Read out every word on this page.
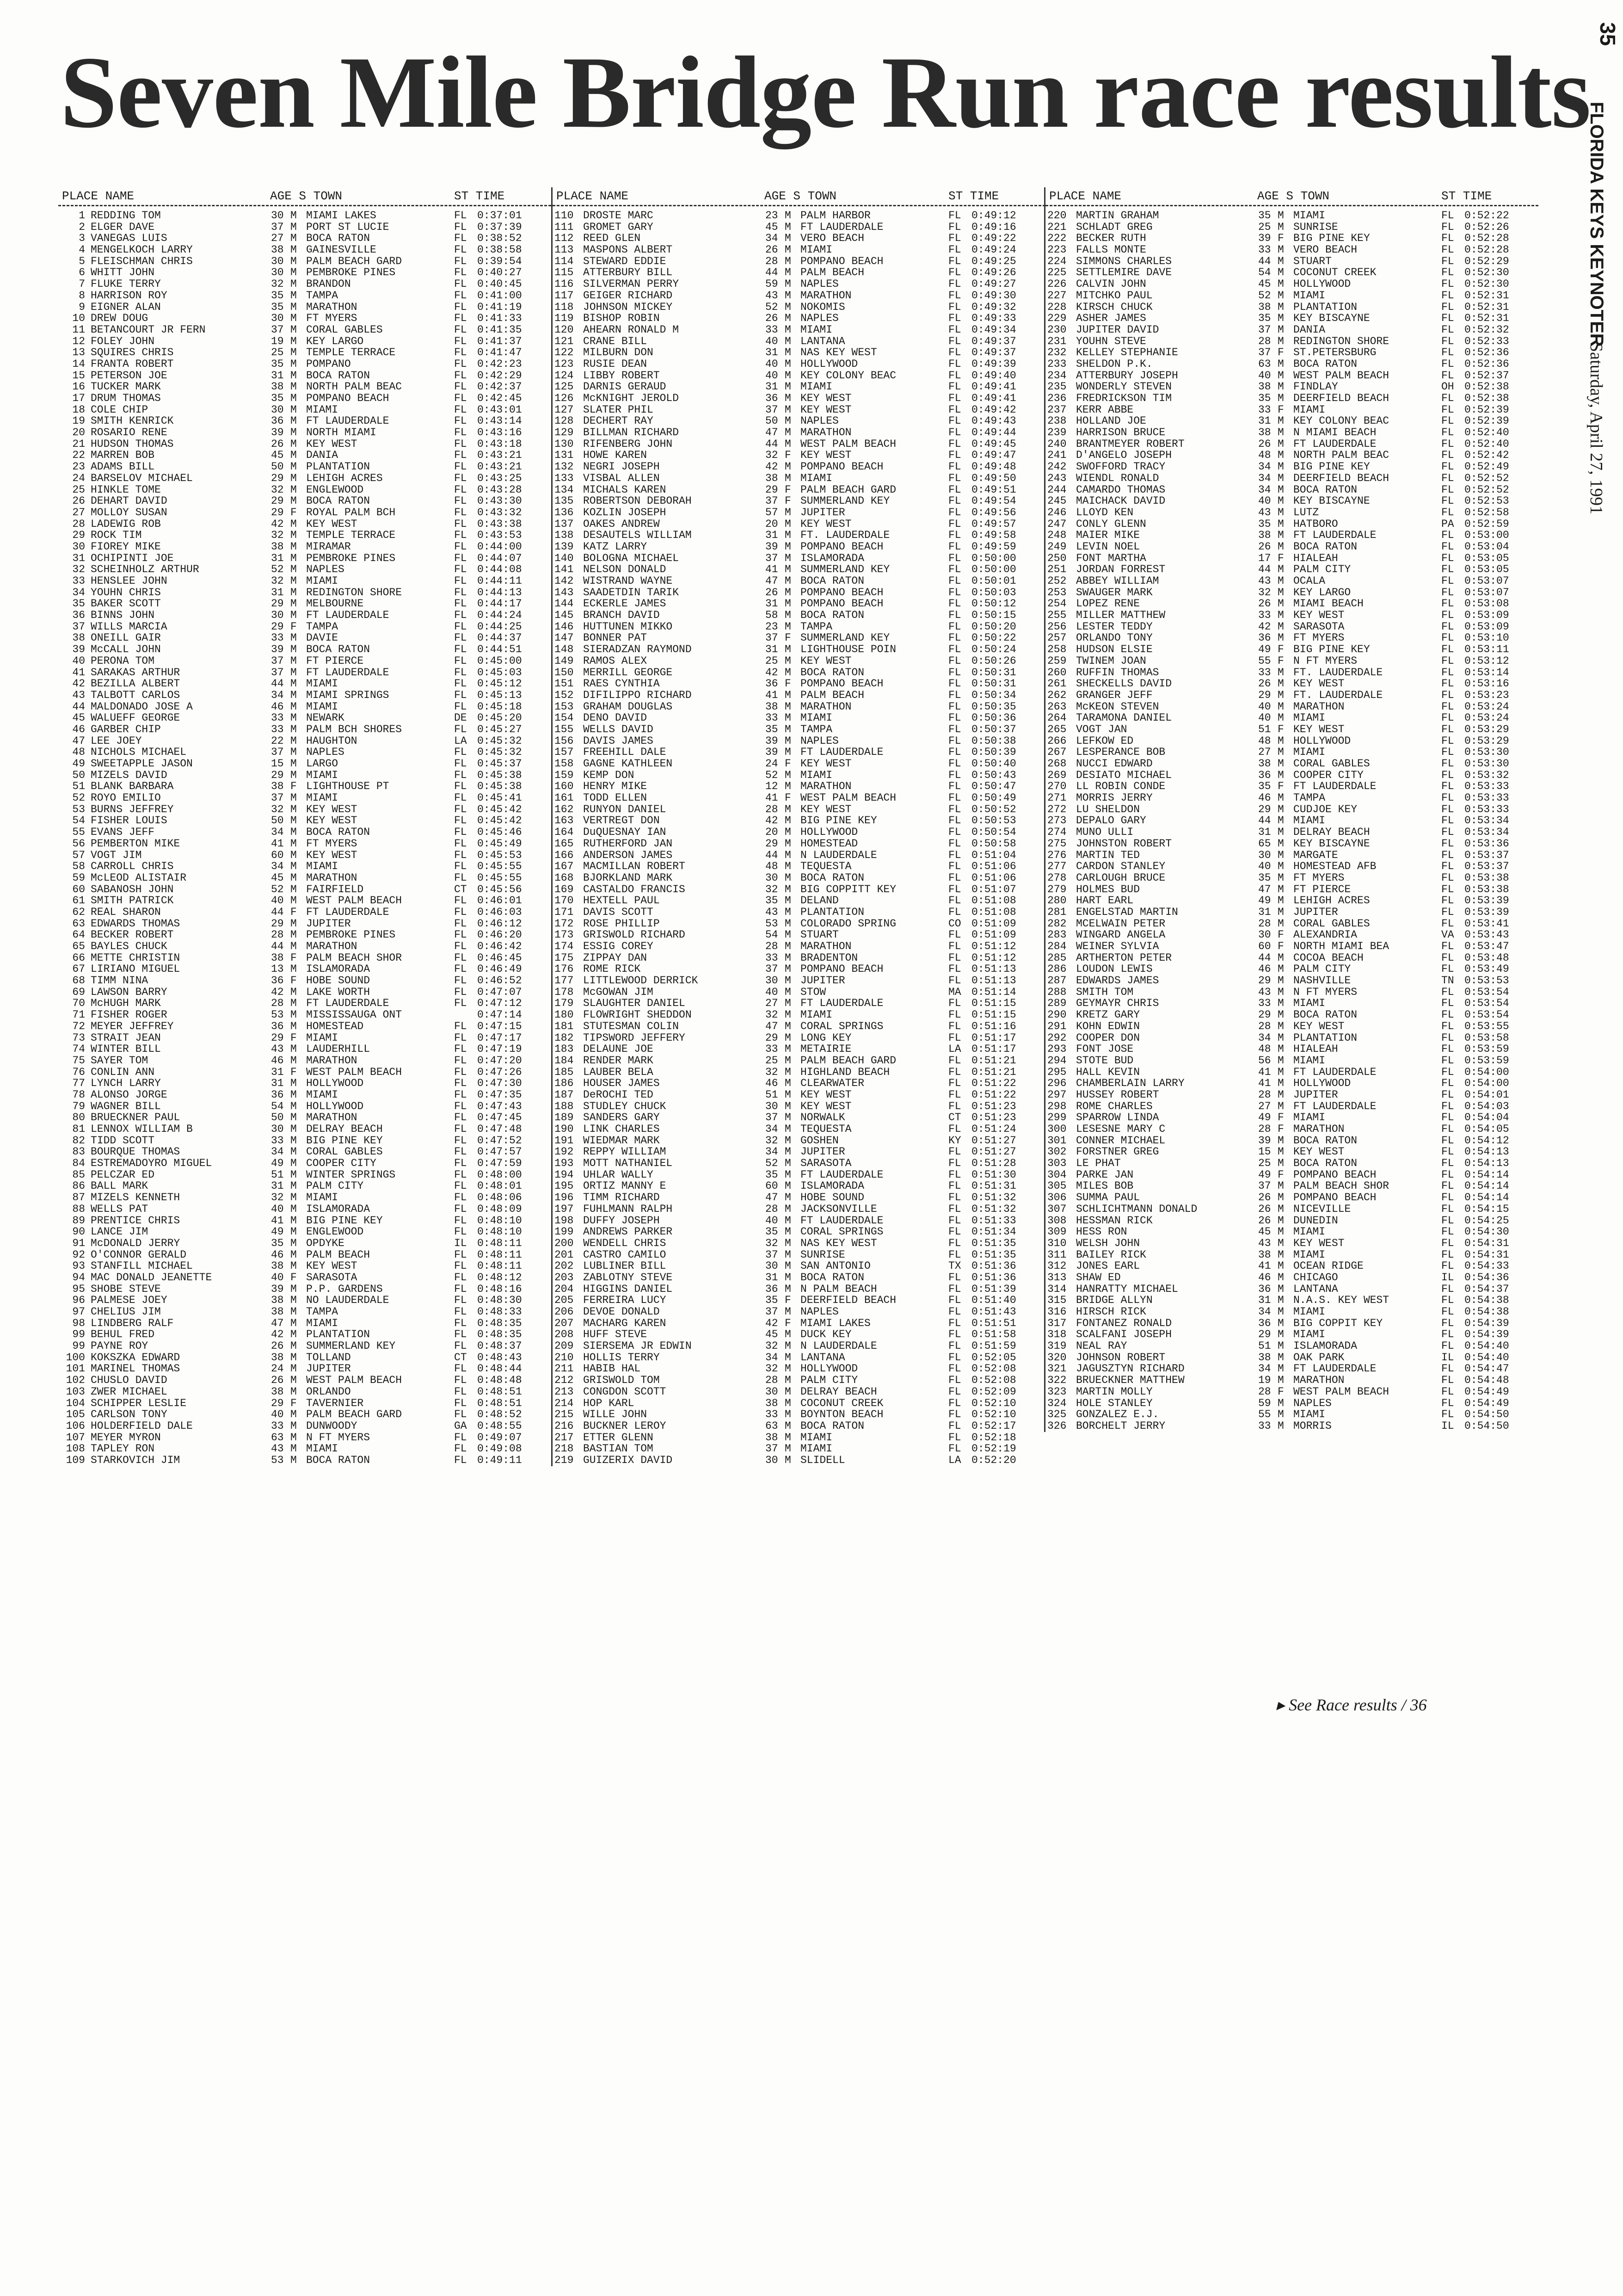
Seven Mile Bridge Run race results
35
FLORIDA KEYS KEYNOTER
Saturday, April 27, 1991

PLACE NAME

	AGE S TOWN

	ST TIME

1 REDDING TOM	30 M MIAMI LAKES	FL 0:37:01
2 ELGER DAVE	37 M PORT ST LUCIE	FL 0:37:39
3 VANEGAS LUIS	27 M BOCA RATON	FL 0:38:52
4 MENGELKOCH LARRY	38 M GAINESVILLE	FL 0:38:58
5 FLEISCHMAN CHRIS	30 M PALM BEACH GARD	FL 0:39:54
6 WHITT JOHN	30 M PEMBROKE PINES	FL 0:40:27
7 FLUKE TERRY	32 M BRANDON	FL 0:40:45
8 HARRISON ROY	35 M TAMPA	FL 0:41:00
9 EIGNER ALAN	35 M MARATHON	FL 0:41:19
10 DREW DOUG	30 M FT MYERS	FL 0:41:33
11 BETANCOURT JR FERN	37 M CORAL GABLES	FL 0:41:35
12 FOLEY JOHN	19 M KEY LARGO	FL 0:41:37
13 SQUIRES CHRIS	25 M TEMPLE TERRACE	FL 0:41:47
14 FRANTA ROBERT	35 M POMPANO	FL 0:42:23
15 PETERSON JOE	31 M BOCA RATON	FL 0:42:29
16 TUCKER MARK	38 M NORTH PALM BEAC	FL 0:42:37
17 DRUM THOMAS	35 M POMPANO BEACH	FL 0:42:45
18 COLE CHIP	30 M MIAMI	FL 0:43:01
19 SMITH KENRICK	36 M FT LAUDERDALE	FL 0:43:14
20 ROSARIO RENE	39 M NORTH MIAMI	FL 0:43:16
21 HUDSON THOMAS	26 M KEY WEST	FL 0:43:18
22 MARREN BOB	45 M DANIA	FL 0:43:21
23 ADAMS BILL	50 M PLANTATION	FL 0:43:21
24 BARSELOV MICHAEL	29 M LEHIGH ACRES	FL 0:43:25
25 HINKLE TOME	32 M ENGLEWOOD	FL 0:43:28
26 DEHART DAVID	29 M BOCA RATON	FL 0:43:30
27 MOLLOY SUSAN	29 F ROYAL PALM BCH	FL 0:43:32
28 LADEWIG ROB	42 M KEY WEST	FL 0:43:38
29 ROCK TIM	32 M TEMPLE TERRACE	FL 0:43:53
30 FIOREY MIKE	38 M MIRAMAR	FL 0:44:00
31 OCHIPINTI JOE	31 M PEMBROKE PINES	FL 0:44:07
32 SCHEINHOLZ ARTHUR	52 M NAPLES	FL 0:44:08
33 HENSLEE JOHN	32 M MIAMI	FL 0:44:11
34 YOUHN CHRIS	31 M REDINGTON SHORE	FL 0:44:13
35 BAKER SCOTT	29 M MELBOURNE	FL 0:44:17
36 BINNS JOHN	30 M FT LAUDERDALE	FL 0:44:24
37 WILLS MARCIA	29 F TAMPA	FL 0:44:25
38 ONEILL GAIR	33 M DAVIE	FL 0:44:37
39 McCALL JOHN	39 M BOCA RATON	FL 0:44:51
40 PERONA TOM	37 M FT PIERCE	FL 0:45:00
41 SARAKAS ARTHUR	37 M FT LAUDERDALE	FL 0:45:03
42 BEZILLA ALBERT	44 M MIAMI	FL 0:45:12
43 TALBOTT CARLOS	34 M MIAMI SPRINGS	FL 0:45:13
44 MALDONADO JOSE A	46 M MIAMI	FL 0:45:18
45 WALUEFF GEORGE	33 M NEWARK	DE 0:45:20
46 GARBER CHIP	33 M PALM BCH SHORES	FL 0:45:27
47 LEE JOEY	22 M HAUGHTON	LA 0:45:32
48 NICHOLS MICHAEL	37 M NAPLES	FL 0:45:32
49 SWEETAPPLE JASON	15 M LARGO	FL 0:45:37
50 MIZELS DAVID	29 M MIAMI	FL 0:45:38
51 BLANK BARBARA	38 F LIGHTHOUSE PT	FL 0:45:38
52 ROYO EMILIO	37 M MIAMI	FL 0:45:41
53 BURNS JEFFREY	32 M KEY WEST	FL 0:45:42
54 FISHER LOUIS	50 M KEY WEST	FL 0:45:42
55 EVANS JEFF	34 M BOCA RATON	FL 0:45:46
56 PEMBERTON MIKE	41 M FT MYERS	FL 0:45:49
57 VOGT JIM	60 M KEY WEST	FL 0:45:53
58 CARROLL CHRIS	34 M MIAMI	FL 0:45:55
59 McLEOD ALISTAIR	45 M MARATHON	FL 0:45:55
60 SABANOSH JOHN	52 M FAIRFIELD	CT 0:45:56
61 SMITH PATRICK	40 M WEST PALM BEACH	FL 0:46:01
62 REAL SHARON	44 F FT LAUDERDALE	FL 0:46:03
63 EDWARDS THOMAS	29 M JUPITER	FL 0:46:12
64 BECKER ROBERT	28 M PEMBROKE PINES	FL 0:46:20
65 BAYLES CHUCK	44 M MARATHON	FL 0:46:42
66 METTE CHRISTIN	38 F PALM BEACH SHOR	FL 0:46:45
67 LIRIANO MIGUEL	13 M ISLAMORADA	FL 0:46:49
68 TIMM NINA	36 F HOBE SOUND	FL 0:46:52
69 LAWSON BARRY	42 M LAKE WORTH	FL 0:47:07
70 McHUGH MARK	28 M FT LAUDERDALE	FL 0:47:12
71 FISHER ROGER	53 M MISSISSAUGA ONT	0:47:14
72 MEYER JEFFREY	36 M HOMESTEAD	FL 0:47:15
73 STRAIT JEAN	29 F MIAMI	FL 0:47:17
74 WINTER BILL	43 M LAUDERHILL	FL 0:47:19
75 SAYER TOM	46 M MARATHON	FL 0:47:20
76 CONLIN ANN	31 F WEST PALM BEACH	FL 0:47:26
77 LYNCH LARRY	31 M HOLLYWOOD	FL 0:47:30
78 ALONSO JORGE	36 M MIAMI	FL 0:47:35
79 WAGNER BILL	54 M HOLLYWOOD	FL 0:47:43
80 BRUECKNER PAUL	50 M MARATHON	FL 0:47:45
81 LENNOX WILLIAM B	30 M DELRAY BEACH	FL 0:47:48
82 TIDD SCOTT	33 M BIG PINE KEY	FL 0:47:52
83 BOURQUE THOMAS	34 M CORAL GABLES	FL 0:47:57
84 ESTREMADOYRO MIGUEL	49 M COOPER CITY	FL 0:47:59
85 PELCZAR ED	51 M WINTER SPRINGS	FL 0:48:00
86 BALL MARK	31 M PALM CITY	FL 0:48:01
87 MIZELS KENNETH	32 M MIAMI	FL 0:48:06
88 WELLS PAT	40 M ISLAMORADA	FL 0:48:09
89 PRENTICE CHRIS	41 M BIG PINE KEY	FL 0:48:10
90 LANCE JIM	49 M ENGLEWOOD	FL 0:48:10
91 McDONALD JERRY	35 M OPDYKE	IL 0:48:11
92 O'CONNOR GERALD	46 M PALM BEACH	FL 0:48:11
93 STANFILL MICHAEL	38 M KEY WEST	FL 0:48:11
94 MAC DONALD JEANETTE	40 F SARASOTA	FL 0:48:12
95 SHOBE STEVE	39 M P.P. GARDENS	FL 0:48:16
96 PALMESE JOEY	38 M NO LAUDERDALE	FL 0:48:30
97 CHELIUS JIM	38 M TAMPA	FL 0:48:33
98 LINDBERG RALF	47 M MIAMI	FL 0:48:35
99 BEHUL FRED	42 M PLANTATION	FL 0:48:35
99 PAYNE ROY	26 M SUMMERLAND KEY	FL 0:48:37
100 KOKSZKA EDWARD	38 M TOLLAND	CT 0:48:43
101 MARINEL THOMAS	24 M JUPITER	FL 0:48:44
102 CHUSLO DAVID	26 M WEST PALM BEACH	FL 0:48:48
103 ZWER MICHAEL	38 M ORLANDO	FL 0:48:51
104 SCHIPPER LESLIE	29 F TAVERNIER	FL 0:48:51
105 CARLSON TONY	40 M PALM BEACH GARD	FL 0:48:52
106 HOLDERFIELD DALE	33 M DUNWOODY	GA 0:48:55
107 MEYER MYRON	63 M N FT MYERS	FL 0:49:07
108 TAPLEY RON	43 M MIAMI	FL 0:49:08
109 STARKOVICH JIM	53 M BOCA RATON	FL 0:49:11

PLACE NAME

	AGE S TOWN

	ST TIME

110 DROSTE MARC	23 M PALM HARBOR	FL 0:49:12
111 GROMET GARY	45 M FT LAUDERDALE	FL 0:49:16
112 REED GLEN	34 M VERO BEACH	FL 0:49:22
113 MASPONS ALBERT	26 M MIAMI	FL 0:49:24
114 STEWARD EDDIE	28 M POMPANO BEACH	FL 0:49:25
115 ATTERBURY BILL	44 M PALM BEACH	FL 0:49:26
116 SILVERMAN PERRY	59 M NAPLES	FL 0:49:27
117 GEIGER RICHARD	43 M MARATHON	FL 0:49:30
118 JOHNSON MICKEY	52 M NOKOMIS	FL 0:49:32
119 BISHOP ROBIN	26 M NAPLES	FL 0:49:33
120 AHEARN RONALD M	33 M MIAMI	FL 0:49:34
121 CRANE BILL	40 M LANTANA	FL 0:49:37
122 MILBURN DON	31 M NAS KEY WEST	FL 0:49:37
123 RUSIE DEAN	40 M HOLLYWOOD	FL 0:49:39
124 LIBBY ROBERT	40 M KEY COLONY BEAC	FL 0:49:40
125 DARNIS GERAUD	31 M MIAMI	FL 0:49:41
126 McKNIGHT JEROLD	36 M KEY WEST	FL 0:49:41
127 SLATER PHIL	37 M KEY WEST	FL 0:49:42
128 DECHERT RAY	50 M NAPLES	FL 0:49:43
129 BILLMAN RICHARD	47 M MARATHON	FL 0:49:44
130 RIFENBERG JOHN	44 M WEST PALM BEACH	FL 0:49:45
131 HOWE KAREN	32 F KEY WEST	FL 0:49:47
132 NEGRI JOSEPH	42 M POMPANO BEACH	FL 0:49:48
133 VISBAL ALLEN	38 M MIAMI	FL 0:49:50
134 MICHALS KAREN	29 F PALM BEACH GARD	FL 0:49:51
135 ROBERTSON DEBORAH	37 F SUMMERLAND KEY	FL 0:49:54
136 KOZLIN JOSEPH	57 M JUPITER	FL 0:49:56
137 OAKES ANDREW	20 M KEY WEST	FL 0:49:57
138 DESAUTELS WILLIAM	31 M FT. LAUDERDALE	FL 0:49:58
139 KATZ LARRY	39 M POMPANO BEACH	FL 0:49:59
140 BOLOGNA MICHAEL	37 M ISLAMORADA	FL 0:50:00
141 NELSON DONALD	41 M SUMMERLAND KEY	FL 0:50:00
142 WISTRAND WAYNE	47 M BOCA RATON	FL 0:50:01
143 SAADETDIN TARIK	26 M POMPANO BEACH	FL 0:50:03
144 ECKERLE JAMES	31 M POMPANO BEACH	FL 0:50:12
145 BRANCH DAVID	58 M BOCA RATON	FL 0:50:15
146 HUTTUNEN MIKKO	23 M TAMPA	FL 0:50:20
147 BONNER PAT	37 F SUMMERLAND KEY	FL 0:50:22
148 SIERADZAN RAYMOND	31 M LIGHTHOUSE POIN	FL 0:50:24
149 RAMOS ALEX	25 M KEY WEST	FL 0:50:26
150 MERRILL GEORGE	42 M BOCA RATON	FL 0:50:31
151 RAES CYNTHIA	36 F POMPANO BEACH	FL 0:50:31
152 DIFILIPPO RICHARD	41 M PALM BEACH	FL 0:50:34
153 GRAHAM DOUGLAS	38 M MARATHON	FL 0:50:35
154 DENO DAVID	33 M MIAMI	FL 0:50:36
155 WELLS DAVID	35 M TAMPA	FL 0:50:37
156 DAVIS JAMES	39 M NAPLES	FL 0:50:38
157 FREEHILL DALE	39 M FT LAUDERDALE	FL 0:50:39
158 GAGNE KATHLEEN	24 F KEY WEST	FL 0:50:40
159 KEMP DON	52 M MIAMI	FL 0:50:43
160 HENRY MIKE	12 M MARATHON	FL 0:50:47
161 TODD ELLEN	41 F WEST PALM BEACH	FL 0:50:49
162 RUNYON DANIEL	28 M KEY WEST	FL 0:50:52
163 VERTREGT DON	42 M BIG PINE KEY	FL 0:50:53
164 DuQUESNAY IAN	20 M HOLLYWOOD	FL 0:50:54
165 RUTHERFORD JAN	29 M HOMESTEAD	FL 0:50:58
166 ANDERSON JAMES	44 M N LAUDERDALE	FL 0:51:04
167 MACMILLAN ROBERT	48 M TEQUESTA	FL 0:51:06
168 BJORKLAND MARK	30 M BOCA RATON	FL 0:51:06
169 CASTALDO FRANCIS	32 M BIG COPPITT KEY	FL 0:51:07
170 HEXTELL PAUL	35 M DELAND	FL 0:51:08
171 DAVIS SCOTT	43 M PLANTATION	FL 0:51:08
172 ROSE PHILLIP	53 M COLORADO SPRING	CO 0:51:09
173 GRISWOLD RICHARD	54 M STUART	FL 0:51:09
174 ESSIG COREY	28 M MARATHON	FL 0:51:12
175 ZIPPAY DAN	33 M BRADENTON	FL 0:51:12
176 ROME RICK	37 M POMPANO BEACH	FL 0:51:13
177 LITTLEWOOD DERRICK	30 M JUPITER	FL 0:51:13
178 McGOWAN JIM	40 M STOW	MA 0:51:14
179 SLAUGHTER DANIEL	27 M FT LAUDERDALE	FL 0:51:15
180 FLOWRIGHT SHEDDON	32 M MIAMI	FL 0:51:15
181 STUTESMAN COLIN	47 M CORAL SPRINGS	FL 0:51:16
182 TIPSWORD JEFFERY	29 M LONG KEY	FL 0:51:17
183 DELAUNE JOE	33 M METAIRIE	LA 0:51:17
184 RENDER MARK	25 M PALM BEACH GARD	FL 0:51:21
185 LAUBER BELA	32 M HIGHLAND BEACH	FL 0:51:21
186 HOUSER JAMES	46 M CLEARWATER	FL 0:51:22
187 DeROCHI TED	51 M KEY WEST	FL 0:51:22
188 STUDLEY CHUCK	30 M KEY WEST	FL 0:51:23
189 SANDERS GARY	37 M NORWALK	CT 0:51:23
190 LINK CHARLES	34 M TEQUESTA	FL 0:51:24
191 WIEDMAR MARK	32 M GOSHEN	KY 0:51:27
192 REPPY WILLIAM	34 M JUPITER	FL 0:51:27
193 MOTT NATHANIEL	52 M SARASOTA	FL 0:51:28
194 UHLAR WALLY	35 M FT LAUDERDALE	FL 0:51:30
195 ORTIZ MANNY E	60 M ISLAMORADA	FL 0:51:31
196 TIMM RICHARD	47 M HOBE SOUND	FL 0:51:32
197 FUHLMANN RALPH	28 M JACKSONVILLE	FL 0:51:32
198 DUFFY JOSEPH	40 M FT LAUDERDALE	FL 0:51:33
199 ANDREWS PARKER	35 M CORAL SPRINGS	FL 0:51:34
200 WENDELL CHRIS	32 M NAS KEY WEST	FL 0:51:35
201 CASTRO CAMILO	37 M SUNRISE	FL 0:51:35
202 LUBLINER BILL	30 M SAN ANTONIO	TX 0:51:36
203 ZABLOTNY STEVE	31 M BOCA RATON	FL 0:51:36
204 HIGGINS DANIEL	36 M N PALM BEACH	FL 0:51:39
205 FERREIRA LUCY	35 F DEERFIELD BEACH	FL 0:51:40
206 DEVOE DONALD	37 M NAPLES	FL 0:51:43
207 MACHARG KAREN	42 F MIAMI LAKES	FL 0:51:51
208 HUFF STEVE	45 M DUCK KEY	FL 0:51:58
209 SIERSEMA JR EDWIN	32 M N LAUDERDALE	FL 0:51:59
210 HOLLIS TERRY	34 M LANTANA	FL 0:52:05
211 HABIB HAL	32 M HOLLYWOOD	FL 0:52:08
212 GRISWOLD TOM	28 M PALM CITY	FL 0:52:08
213 CONGDON SCOTT	30 M DELRAY BEACH	FL 0:52:09
214 HOP KARL	38 M COCONUT CREEK	FL 0:52:10
215 WILLE JOHN	33 M BOYNTON BEACH	FL 0:52:10
216 BUCKNER LEROY	63 M BOCA RATON	FL 0:52:17
217 ETTER GLENN	38 M MIAMI	FL 0:52:18
218 BASTIAN TOM	37 M MIAMI	FL 0:52:19
219 GUIZERIX DAVID	30 M SLIDELL	LA 0:52:20

PLACE NAME

	AGE S TOWN

	ST TIME

220 MARTIN GRAHAM	35 M MIAMI	FL 0:52:22
221 SCHLADT GREG	25 M SUNRISE	FL 0:52:26
222 BECKER RUTH	39 F BIG PINE KEY	FL 0:52:28
223 FALLS MONTE	33 M VERO BEACH	FL 0:52:28
224 SIMMONS CHARLES	44 M STUART	FL 0:52:29
225 SETTLEMIRE DAVE	54 M COCONUT CREEK	FL 0:52:30
226 CALVIN JOHN	45 M HOLLYWOOD	FL 0:52:30
227 MITCHKO PAUL	52 M MIAMI	FL 0:52:31
228 KIRSCH CHUCK	38 M PLANTATION	FL 0:52:31
229 ASHER JAMES	35 M KEY BISCAYNE	FL 0:52:31
230 JUPITER DAVID	37 M DANIA	FL 0:52:32
231 YOUHN STEVE	28 M REDINGTON SHORE	FL 0:52:33
232 KELLEY STEPHANIE	37 F ST.PETERSBURG	FL 0:52:36
233 SHELDON P.K.	63 M BOCA RATON	FL 0:52:36
234 ATTERBURY JOSEPH	40 M WEST PALM BEACH	FL 0:52:37
235 WONDERLY STEVEN	38 M FINDLAY	OH 0:52:38
236 FREDRICKSON TIM	35 M DEERFIELD BEACH	FL 0:52:38
237 KERR ABBE	33 F MIAMI	FL 0:52:39
238 HOLLAND JOE	31 M KEY COLONY BEAC	FL 0:52:39
239 HARRISON BRUCE	38 M N MIAMI BEACH	FL 0:52:40
240 BRANTMEYER ROBERT	26 M FT LAUDERDALE	FL 0:52:40
241 D'ANGELO JOSEPH	48 M NORTH PALM BEAC	FL 0:52:42
242 SWOFFORD TRACY	34 M BIG PINE KEY	FL 0:52:49
243 WIENDL RONALD	34 M DEERFIELD BEACH	FL 0:52:52
244 CAMARDO THOMAS	34 M BOCA RATON	FL 0:52:52
245 MAICHACK DAVID	40 M KEY BISCAYNE	FL 0:52:53
246 LLOYD KEN	43 M LUTZ	FL 0:52:58
247 CONLY GLENN	35 M HATBORO	PA 0:52:59
248 MAIER MIKE	38 M FT LAUDERDALE	FL 0:53:00
249 LEVIN NOEL	26 M BOCA RATON	FL 0:53:04
250 FONT MARTHA	17 F HIALEAH	FL 0:53:05
251 JORDAN FORREST	44 M PALM CITY	FL 0:53:05
252 ABBEY WILLIAM	43 M OCALA	FL 0:53:07
253 SWAUGER MARK	32 M KEY LARGO	FL 0:53:07
254 LOPEZ RENE	26 M MIAMI BEACH	FL 0:53:08
255 MILLER MATTHEW	33 M KEY WEST	FL 0:53:09
256 LESTER TEDDY	42 M SARASOTA	FL 0:53:09
257 ORLANDO TONY	36 M FT MYERS	FL 0:53:10
258 HUDSON ELSIE	49 F BIG PINE KEY	FL 0:53:11
259 TWINEM JOAN	55 F N FT MYERS	FL 0:53:12
260 RUFFIN THOMAS	33 M FT. LAUDERDALE	FL 0:53:14
261 SHECKELLS DAVID	26 M KEY WEST	FL 0:53:16
262 GRANGER JEFF	29 M FT. LAUDERDALE	FL 0:53:23
263 McKEON STEVEN	40 M MARATHON	FL 0:53:24
264 TARAMONA DANIEL	40 M MIAMI	FL 0:53:24
265 VOGT JAN	51 F KEY WEST	FL 0:53:29
266 LEFKOW ED	48 M HOLLYWOOD	FL 0:53:29
267 LESPERANCE BOB	27 M MIAMI	FL 0:53:30
268 NUCCI EDWARD	38 M CORAL GABLES	FL 0:53:30
269 DESIATO MICHAEL	36 M COOPER CITY	FL 0:53:32
270 LL ROBIN CONDE	35 F FT LAUDERDALE	FL 0:53:33
271 MORRIS JERRY	46 M TAMPA	FL 0:53:33
272 LU SHELDON	29 M CUDJOE KEY	FL 0:53:33
273 DEPALO GARY	44 M MIAMI	FL 0:53:34
274 MUNO ULLI	31 M DELRAY BEACH	FL 0:53:34
275 JOHNSTON ROBERT	65 M KEY BISCAYNE	FL 0:53:36
276 MARTIN TED	30 M MARGATE	FL 0:53:37
277 CARDON STANLEY	40 M HOMESTEAD AFB	FL 0:53:37
278 CARLOUGH BRUCE	35 M FT MYERS	FL 0:53:38
279 HOLMES BUD	47 M FT PIERCE	FL 0:53:38
280 HART EARL	49 M LEHIGH ACRES	FL 0:53:39
281 ENGELSTAD MARTIN	31 M JUPITER	FL 0:53:39
282 MCELWAIN PETER	28 M CORAL GABLES	FL 0:53:41
283 WINGARD ANGELA	30 F ALEXANDRIA	VA 0:53:43
284 WEINER SYLVIA	60 F NORTH MIAMI BEA	FL 0:53:47
285 ARTHERTON PETER	44 M COCOA BEACH	FL 0:53:48
286 LOUDON LEWIS	46 M PALM CITY	FL 0:53:49
287 EDWARDS JAMES	29 M NASHVILLE	TN 0:53:53
288 SMITH TOM	43 M N FT MYERS	FL 0:53:54
289 GEYMAYR CHRIS	33 M MIAMI	FL 0:53:54
290 KRETZ GARY	29 M BOCA RATON	FL 0:53:54
291 KOHN EDWIN	28 M KEY WEST	FL 0:53:55
292 COOPER DON	34 M PLANTATION	FL 0:53:58
293 FONT JOSE	48 M HIALEAH	FL 0:53:59
294 STOTE BUD	56 M MIAMI	FL 0:53:59
295 HALL KEVIN	41 M FT LAUDERDALE	FL 0:54:00
296 CHAMBERLAIN LARRY	41 M HOLLYWOOD	FL 0:54:00
297 HUSSEY ROBERT	28 M JUPITER	FL 0:54:01
298 ROME CHARLES	27 M FT LAUDERDALE	FL 0:54:03
299 SPARROW LINDA	49 F MIAMI	FL 0:54:04
300 LESESNE MARY C	28 F MARATHON	FL 0:54:05
301 CONNER MICHAEL	39 M BOCA RATON	FL 0:54:12
302 FORSTNER GREG	15 M KEY WEST	FL 0:54:13
303 LE PHAT	25 M BOCA RATON	FL 0:54:13
304 PARKE JAN	49 F POMPANO BEACH	FL 0:54:14
305 MILES BOB	37 M PALM BEACH SHOR	FL 0:54:14
306 SUMMA PAUL	26 M POMPANO BEACH	FL 0:54:14
307 SCHLICHTMANN DONALD	26 M NICEVILLE	FL 0:54:15
308 HESSMAN RICK	26 M DUNEDIN	FL 0:54:25
309 HESS RON	45 M MIAMI	FL 0:54:30
310 WELSH JOHN	43 M KEY WEST	FL 0:54:31
311 BAILEY RICK	38 M MIAMI	FL 0:54:31
312 JONES EARL	41 M OCEAN RIDGE	FL 0:54:33
313 SHAW ED	46 M CHICAGO	IL 0:54:36
314 HANRATTY MICHAEL	36 M LANTANA	FL 0:54:37
315 BRIDGE ALLYN	31 M N.A.S. KEY WEST	FL 0:54:38
316 HIRSCH RICK	34 M MIAMI	FL 0:54:38
317 FONTANEZ RONALD	36 M BIG COPPIT KEY	FL 0:54:39
318 SCALFANI JOSEPH	29 M MIAMI	FL 0:54:39
319 NEAL RAY	51 M ISLAMORADA	FL 0:54:40
320 JOHNSON ROBERT	38 M OAK PARK	IL 0:54:40
321 JAGUSZTYN RICHARD	34 M FT LAUDERDALE	FL 0:54:47
322 BRUECKNER MATTHEW	19 M MARATHON	FL 0:54:48
323 MARTIN MOLLY	28 F WEST PALM BEACH	FL 0:54:49
324 HOLE STANLEY	59 M NAPLES	FL 0:54:49
325 GONZALEZ E.J.	55 M MIAMI	FL 0:54:50
326 BORCHELT JERRY	33 M MORRIS	IL 0:54:50
▸ See Race results / 36
